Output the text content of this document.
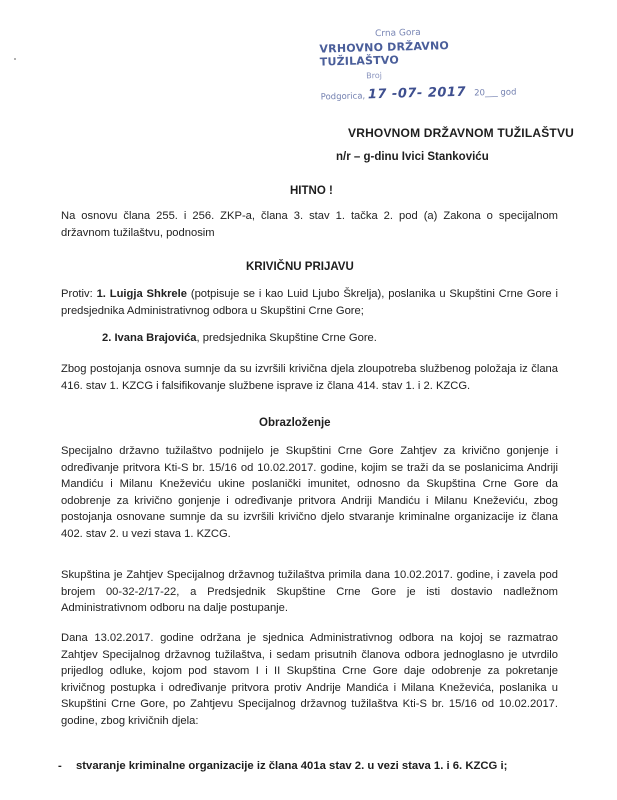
Crna Gora
VRHOVNO DRŽAVNO TUŽILAŠTVO
Broj
Podgorica, 17 -07- 2017 20___ god
VRHOVNOM DRŽAVNOM TUŽILAŠTVU
n/r – g-dinu Ivici Stankoviću
HITNO !
Na osnovu člana 255. i 256. ZKP-a, člana 3. stav 1. tačka 2. pod (a) Zakona o specijalnom državnom tužilaštvu, podnosim
KRIVIČNU PRIJAVU
Protiv: 1. Luigja Shkrele (potpisuje se i kao Luid Ljubo Škrelja), poslanika u Skupštini Crne Gore i predsjednika Administrativnog odbora u Skupštini Crne Gore;
2. Ivana Brajovića, predsjednika Skupštine Crne Gore.
Zbog postojanja osnova sumnje da su izvršili krivična djela zloupotreba službenog položaja iz člana 416. stav 1. KZCG i falsifikovanje službene isprave iz člana 414. stav 1. i 2. KZCG.
Obrazloženje
Specijalno državno tužilaštvo podnijelo je Skupštini Crne Gore Zahtjev za krivično gonjenje i određivanje pritvora Kti-S br. 15/16 od 10.02.2017. godine, kojim se traži da se poslanicima Andriji Mandiću i Milanu Kneževiću ukine poslanički imunitet, odnosno da Skupština Crne Gore da odobrenje za krivično gonjenje i određivanje pritvora Andriji Mandiću i Milanu Kneževiću, zbog postojanja osnovane sumnje da su izvršili krivično djelo stvaranje kriminalne organizacije iz člana 402. stav 2. u vezi stava 1. KZCG.
Skupština je Zahtjev Specijalnog državnog tužilaštva primila dana 10.02.2017. godine, i zavela pod brojem 00-32-2/17-22, a Predsjednik Skupštine Crne Gore je isti dostavio nadležnom Administrativnom odboru na dalje postupanje.
Dana 13.02.2017. godine održana je sjednica Administrativnog odbora na kojoj se razmatrao Zahtjev Specijalnog državnog tužilaštva, i sedam prisutnih članova odbora jednoglasno je utvrdilo prijedlog odluke, kojom pod stavom I i II Skupština Crne Gore daje odobrenje za pokretanje krivičnog postupka i određivanje pritvora protiv Andrije Mandića i Milana Kneževića, poslanika u Skupštini Crne Gore, po Zahtjevu Specijalnog državnog tužilaštva Kti-S br. 15/16 od 10.02.2017. godine, zbog krivičnih djela:
- stvaranje kriminalne organizacije iz člana 401a stav 2. u vezi stava 1. i 6. KZCG i;
